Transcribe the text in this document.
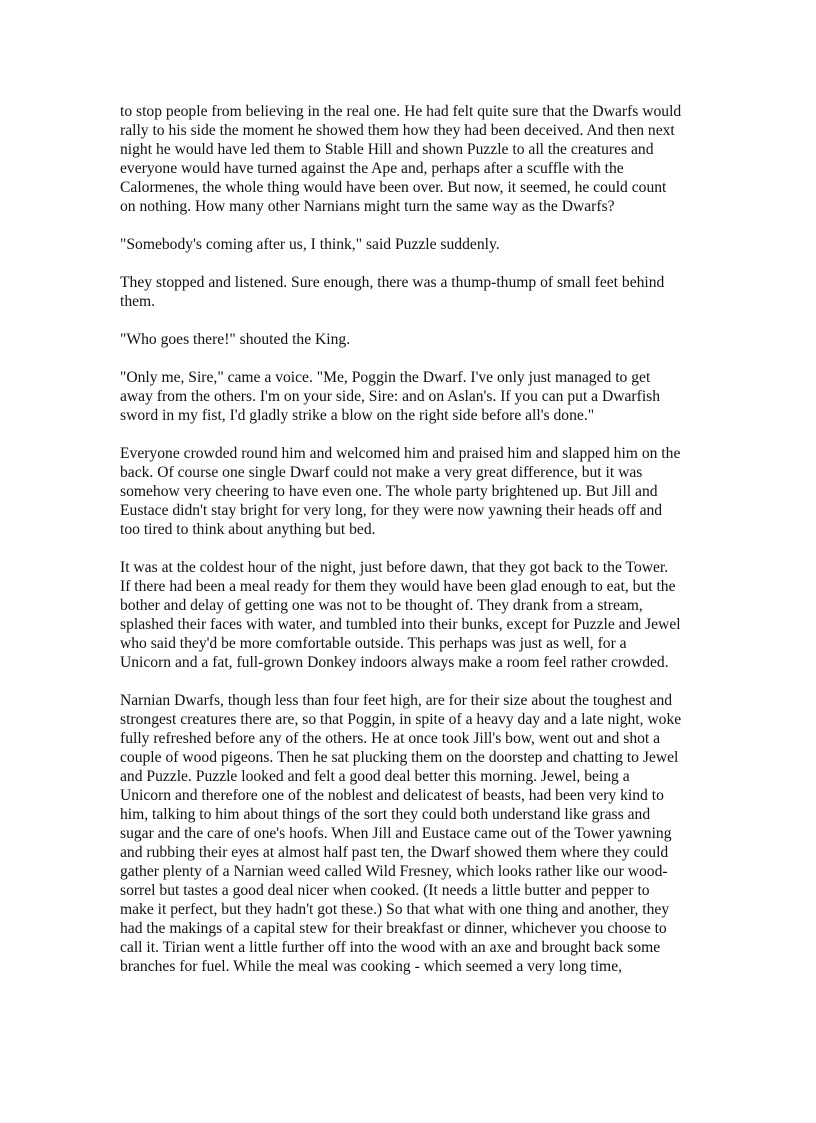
to stop people from believing in the real one. He had felt quite sure that the Dwarfs would
rally to his side the moment he showed them how they had been deceived. And then next
night he would have led them to Stable Hill and shown Puzzle to all the creatures and
everyone would have turned against the Ape and, perhaps after a scuffle with the
Calormenes, the whole thing would have been over. But now, it seemed, he could count
on nothing. How many other Narnians might turn the same way as the Dwarfs?

"Somebody's coming after us, I think," said Puzzle suddenly.

They stopped and listened. Sure enough, there was a thump-thump of small feet behind
them.

"Who goes there!" shouted the King.

"Only me, Sire," came a voice. "Me, Poggin the Dwarf. I've only just managed to get
away from the others. I'm on your side, Sire: and on Aslan's. If you can put a Dwarfish
sword in my fist, I'd gladly strike a blow on the right side before all's done."

Everyone crowded round him and welcomed him and praised him and slapped him on the
back. Of course one single Dwarf could not make a very great difference, but it was
somehow very cheering to have even one. The whole party brightened up. But Jill and
Eustace didn't stay bright for very long, for they were now yawning their heads off and
too tired to think about anything but bed.

It was at the coldest hour of the night, just before dawn, that they got back to the Tower.
If there had been a meal ready for them they would have been glad enough to eat, but the
bother and delay of getting one was not to be thought of. They drank from a stream,
splashed their faces with water, and tumbled into their bunks, except for Puzzle and Jewel
who said they'd be more comfortable outside. This perhaps was just as well, for a
Unicorn and a fat, full-grown Donkey indoors always make a room feel rather crowded.

Narnian Dwarfs, though less than four feet high, are for their size about the toughest and
strongest creatures there are, so that Poggin, in spite of a heavy day and a late night, woke
fully refreshed before any of the others. He at once took Jill's bow, went out and shot a
couple of wood pigeons. Then he sat plucking them on the doorstep and chatting to Jewel
and Puzzle. Puzzle looked and felt a good deal better this morning. Jewel, being a
Unicorn and therefore one of the noblest and delicatest of beasts, had been very kind to
him, talking to him about things of the sort they could both understand like grass and
sugar and the care of one's hoofs. When Jill and Eustace came out of the Tower yawning
and rubbing their eyes at almost half past ten, the Dwarf showed them where they could
gather plenty of a Narnian weed called Wild Fresney, which looks rather like our wood-
sorrel but tastes a good deal nicer when cooked. (It needs a little butter and pepper to
make it perfect, but they hadn't got these.) So that what with one thing and another, they
had the makings of a capital stew for their breakfast or dinner, whichever you choose to
call it. Tirian went a little further off into the wood with an axe and brought back some
branches for fuel. While the meal was cooking - which seemed a very long time,
